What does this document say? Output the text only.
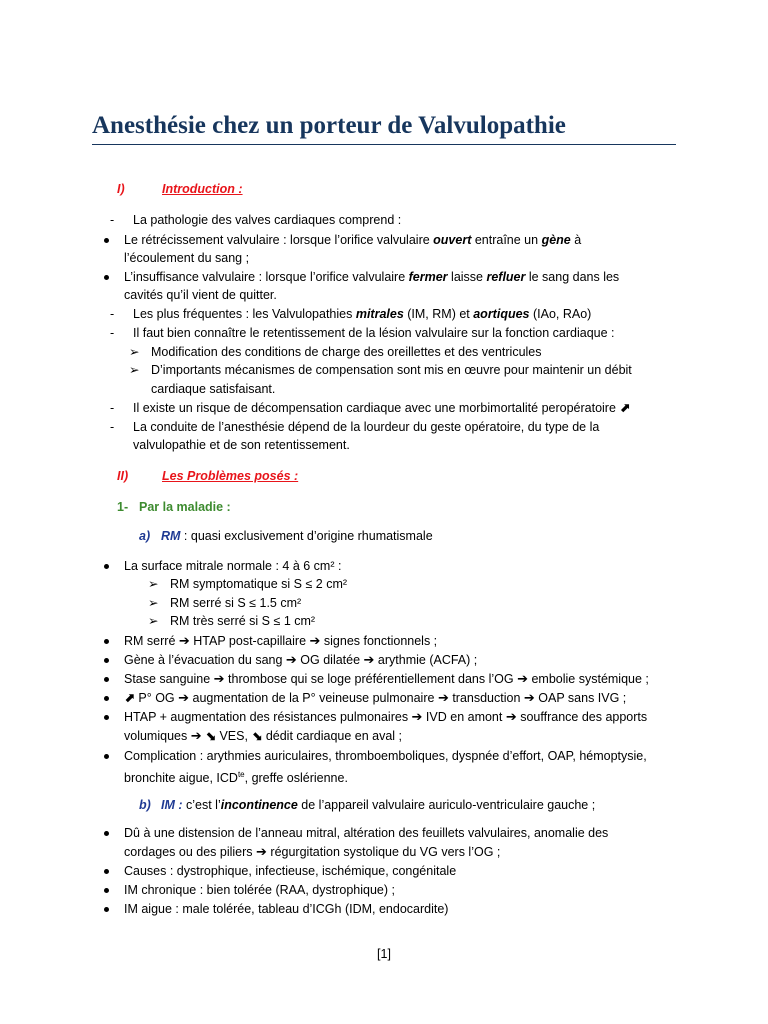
Anesthésie chez un porteur de Valvulopathie
I)	Introduction :
- La pathologie des valves cardiaques comprend :
Le rétrécissement valvulaire : lorsque l’orifice valvulaire ouvert entraîne un gène à
l’écoulement du sang ;
L’insuffisance valvulaire : lorsque l’orifice valvulaire fermer laisse refluer le sang dans les
cavités qu’il vient de quitter.
- Les plus fréquentes : les Valvulopathies mitrales (IM, RM) et aortiques (IAo, RAo)
- Il faut bien connaître le retentissement de la lésion valvulaire sur la fonction cardiaque :
➢ Modification des conditions de charge des oreillettes et des ventricules
➢ D’importants mécanismes de compensation sont mis en œuvre pour maintenir un débit
cardiaque satisfaisant.
- Il existe un risque de décompensation cardiaque avec une morbimortalité peropératoire ⬈
- La conduite de l’anesthésie dépend de la lourdeur du geste opératoire, du type de la
valvulopathie et de son retentissement.
II)	Les Problèmes posés :
1- Par la maladie :
a) RM : quasi exclusivement d’origine rhumatismale
La surface mitrale normale : 4 à 6 cm² :
➢ RM symptomatique si S ≤ 2 cm²
➢ RM serré si S ≤ 1.5 cm²
➢ RM très serré si S ≤ 1 cm²
RM serré ➔ HTAP post-capillaire ➔ signes fonctionnels ;
Gène à l’évacuation du sang ➔ OG dilatée ➔ arythmie (ACFA) ;
Stase sanguine ➔ thrombose qui se loge préférentiellement dans l’OG ➔ embolie systémique ;
⬈ P° OG ➔ augmentation de la P° veineuse pulmonaire ➔ transduction ➔ OAP sans IVG ;
HTAP + augmentation des résistances pulmonaires ➔ IVD en amont ➔ souffrance des apports
volumiques ➔ ⬊ VES, ⬊ dédit cardiaque en aval ;
Complication : arythmies auriculaires, thromboemboliques, dyspnée d’effort, OAP, hémoptysie,
bronchite aigue, $ICD^{te}$, greffe oslérienne.
b) IM : c’est l’incontinence de l’appareil valvulaire auriculo-ventriculaire gauche ;
Dû à une distension de l’anneau mitral, altération des feuillets valvulaires, anomalie des
cordages ou des piliers ➔ régurgitation systolique du VG vers l’OG ;
Causes : dystrophique, infectieuse, ischémique, congénitale
IM chronique : bien tolérée (RAA, dystrophique) ;
IM aigue : male tolérée, tableau d’ICGh (IDM, endocardite)
[1]
